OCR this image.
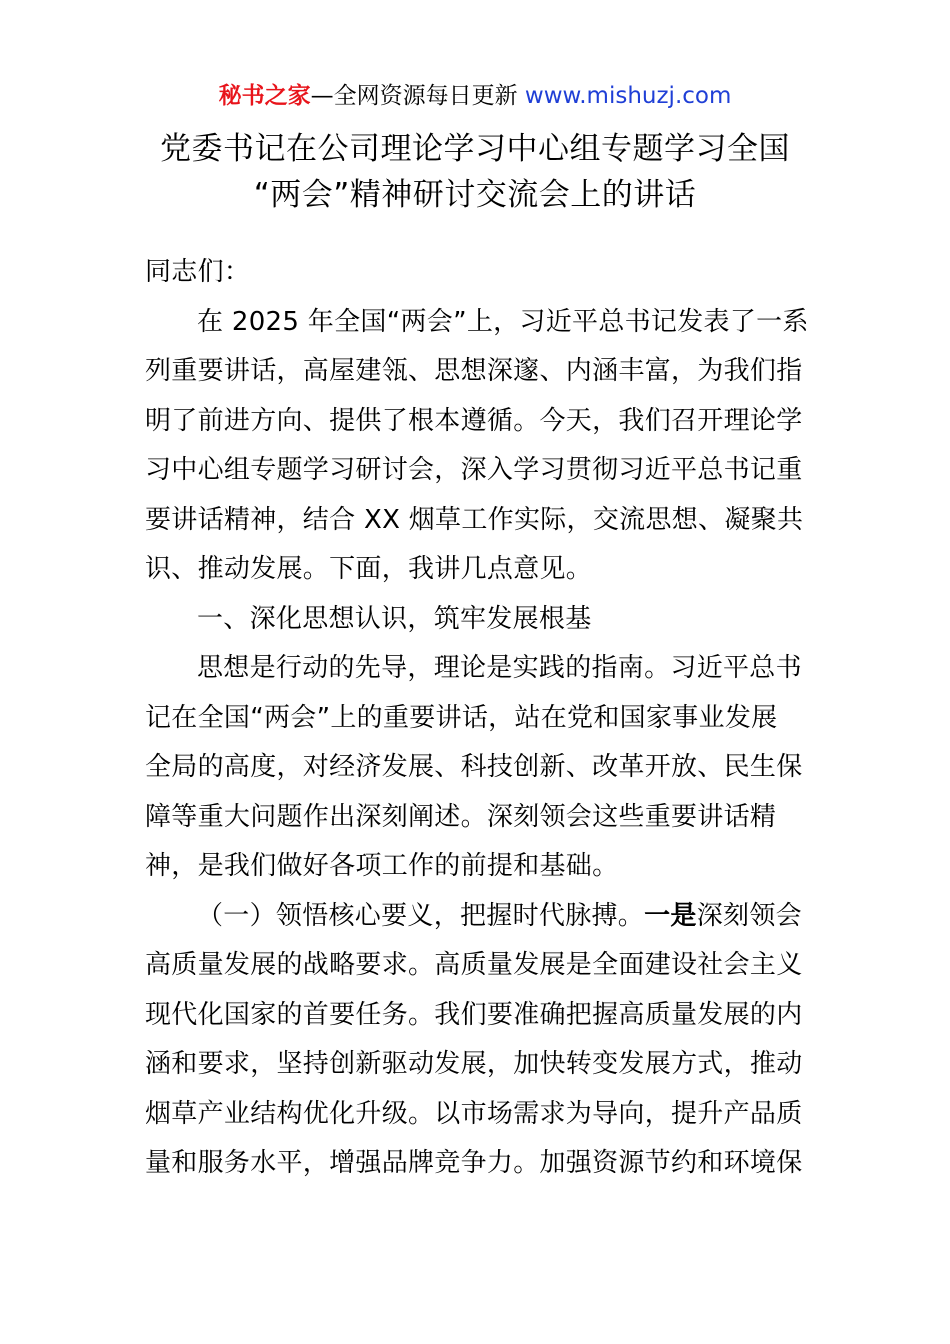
秘书之家—全网资源每日更新 www.mishuzj.com
党委书记在公司理论学习中心组专题学习全国
“两会”精神研讨交流会上的讲话
同志们：
在 2025 年全国“两会”上，习近平总书记发表了一系
列重要讲话，高屋建瓴、思想深邃、内涵丰富，为我们指
明了前进方向、提供了根本遵循。今天，我们召开理论学
习中心组专题学习研讨会，深入学习贯彻习近平总书记重
要讲话精神，结合 XX 烟草工作实际，交流思想、凝聚共
识、推动发展。下面，我讲几点意见。
一、深化思想认识，筑牢发展根基
思想是行动的先导，理论是实践的指南。习近平总书
记在全国“两会”上的重要讲话，站在党和国家事业发展
全局的高度，对经济发展、科技创新、改革开放、民生保
障等重大问题作出深刻阐述。深刻领会这些重要讲话精
神，是我们做好各项工作的前提和基础。
（一）领悟核心要义，把握时代脉搏。一是深刻领会
高质量发展的战略要求。高质量发展是全面建设社会主义
现代化国家的首要任务。我们要准确把握高质量发展的内
涵和要求，坚持创新驱动发展，加快转变发展方式，推动
烟草产业结构优化升级。以市场需求为导向，提升产品质
量和服务水平，增强品牌竞争力。加强资源节约和环境保
